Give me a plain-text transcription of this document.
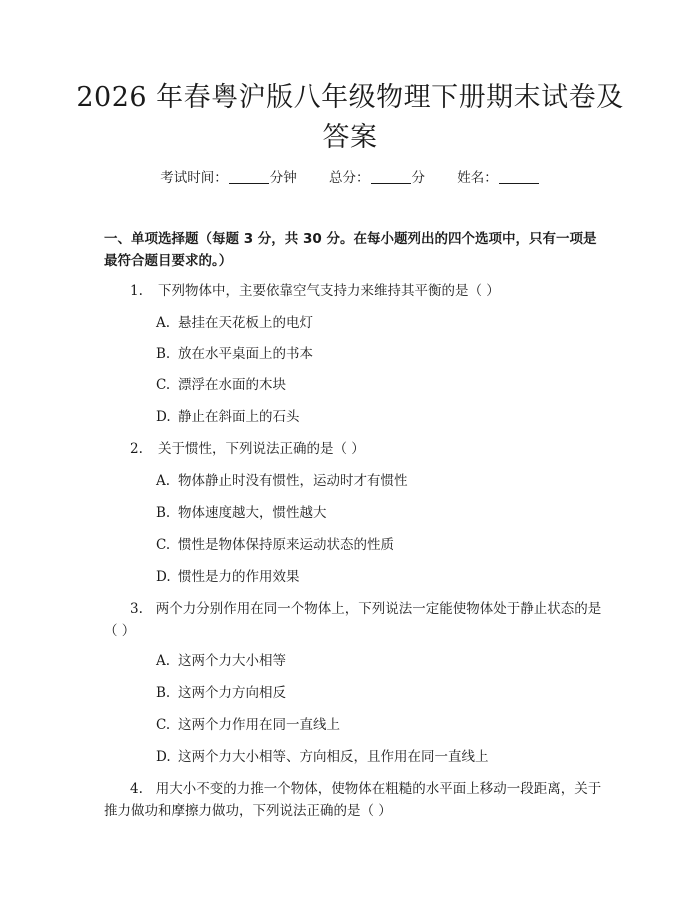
2026 年春粤沪版八年级物理下册期末试卷及
答案
考试时间：	分钟 总分：	分 姓名：
一、单项选择题（每题 3 分，共 30 分。在每小题列出的四个选项中，只有一项是最符合题目要求的。）
1. 下列物体中，主要依靠空气支持力来维持其平衡的是（ ）
A. 悬挂在天花板上的电灯
B. 放在水平桌面上的书本
C. 漂浮在水面的木块
D. 静止在斜面上的石头
2. 关于惯性，下列说法正确的是（ ）
A. 物体静止时没有惯性，运动时才有惯性
B. 物体速度越大，惯性越大
C. 惯性是物体保持原来运动状态的性质
D. 惯性是力的作用效果
3. 两个力分别作用在同一个物体上，下列说法一定能使物体处于静止状态的是（ ）
A. 这两个力大小相等
B. 这两个力方向相反
C. 这两个力作用在同一直线上
D. 这两个力大小相等、方向相反，且作用在同一直线上
4. 用大小不变的力推一个物体，使物体在粗糙的水平面上移动一段距离，关于推力做功和摩擦力做功，下列说法正确的是（ ）
